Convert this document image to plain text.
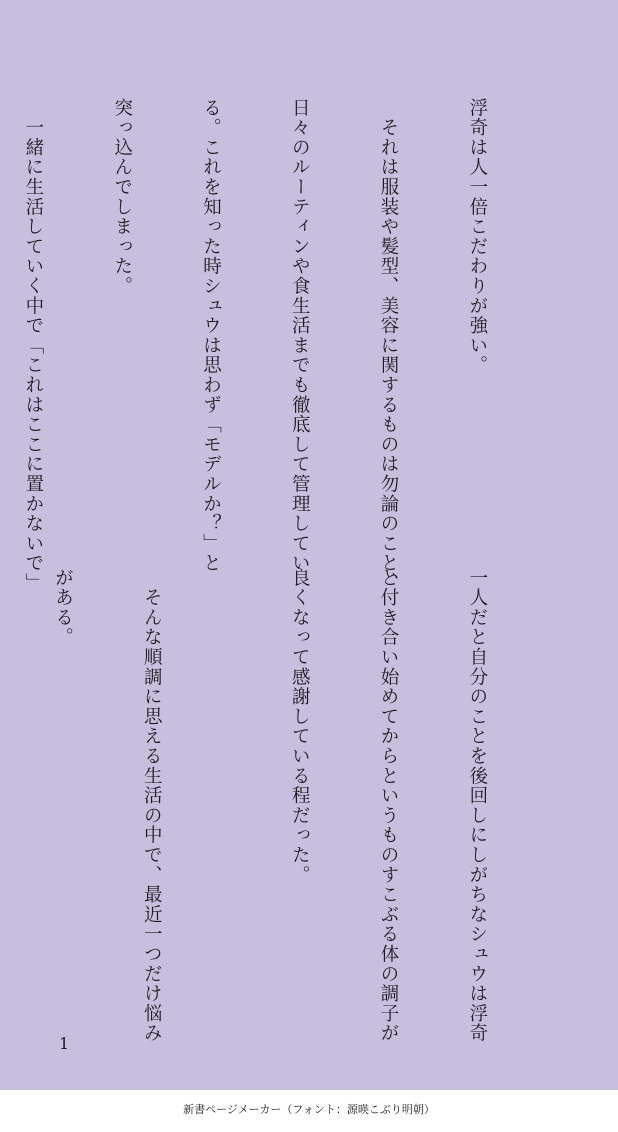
浮奇は人一倍こだわりが強い。

　それは服装や髪型、美容に関するものは勿論のこと、

日々のルーティンや食生活までも徹底して管理してい

る。これを知った時シュウは思わず「モデルか？」と

突っ込んでしまった。

　一緒に生活していく中で「これはここに置かないで」

一人だと自分のことを後回しにしがちなシュウは浮奇

と付き合い始めてからというものすこぶる体の調子が

良くなって感謝している程だった。

　そんな順調に思える生活の中で、最近一つだけ悩み

がある。

1
新書ページメーカー（フォント：源暎こぶり明朝）
